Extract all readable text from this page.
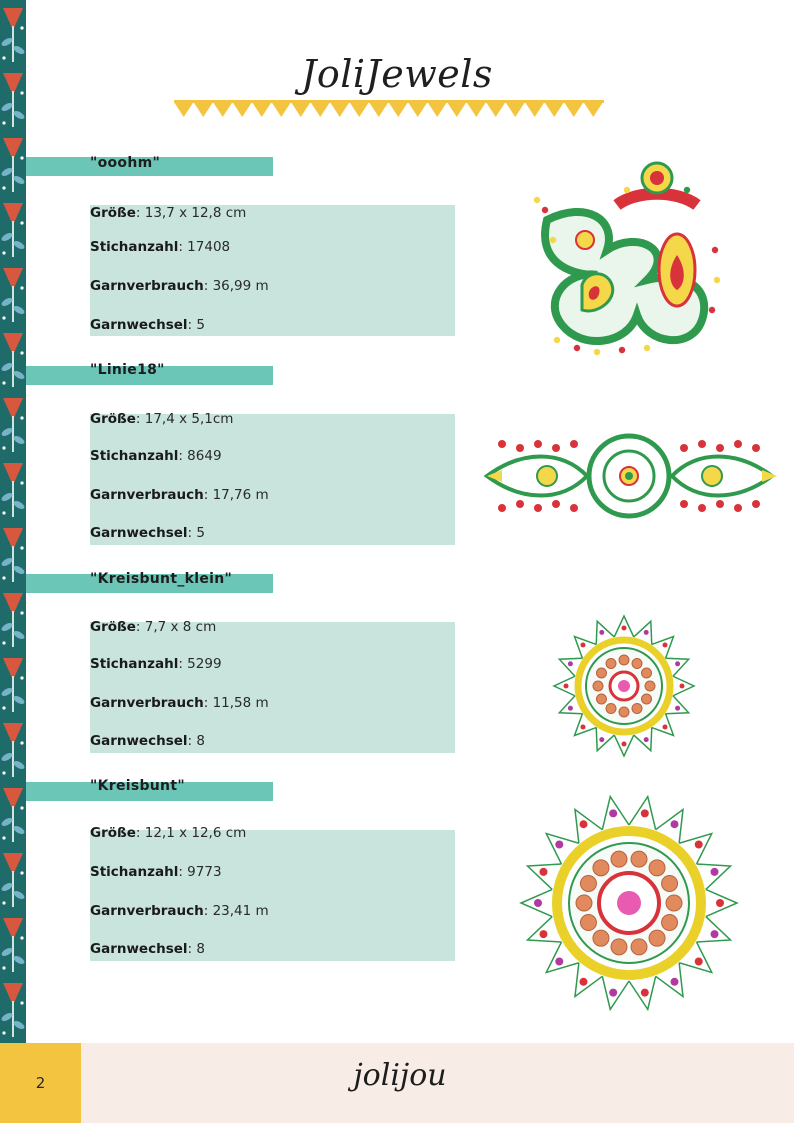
JoliJewels
"ooohm"
Größe: 13,7 x 12,8 cm
Stichanzahl: 17408
Garnverbrauch: 36,99 m
Garnwechsel: 5
"Linie18"
Größe: 17,4 x 5,1cm
Stichanzahl: 8649
Garnverbrauch: 17,76 m
Garnwechsel: 5
"Kreisbunt_klein"
Größe: 7,7 x 8 cm
Stichanzahl: 5299
Garnverbrauch: 11,58 m
Garnwechsel: 8
"Kreisbunt"
Größe: 12,1 x 12,6 cm
Stichanzahl: 9773
Garnverbrauch: 23,41 m
Garnwechsel: 8
2	jolijou
